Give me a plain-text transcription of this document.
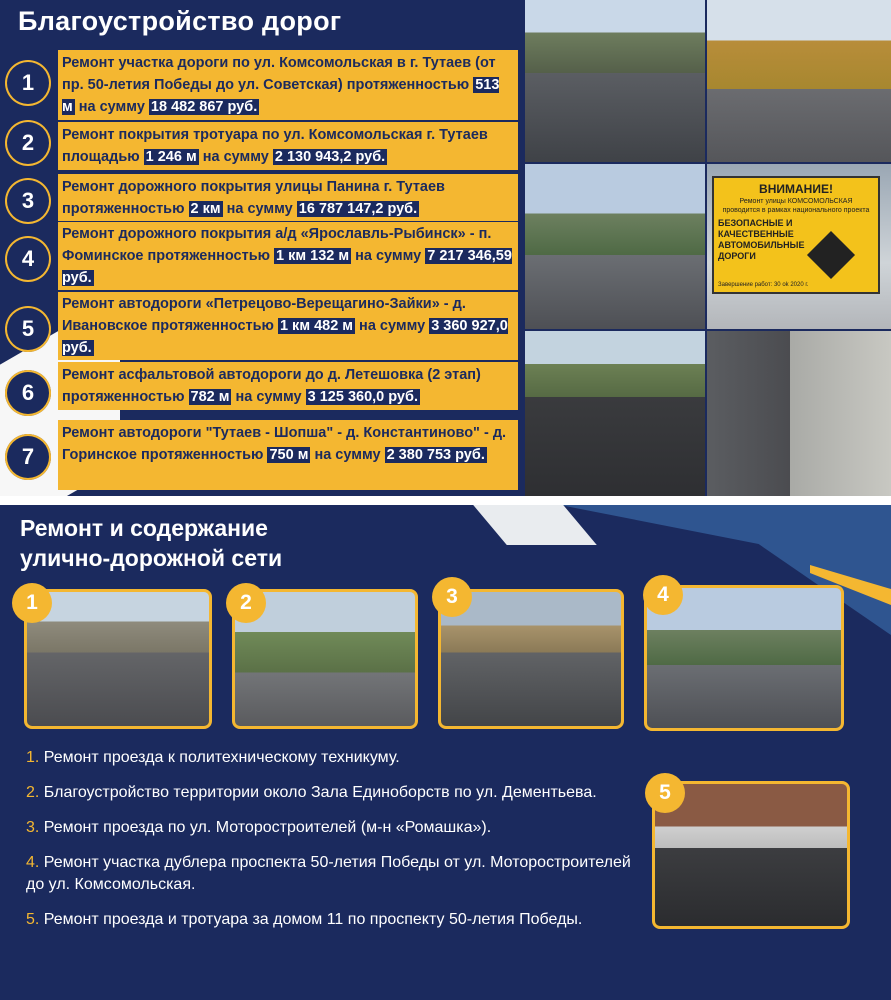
Благоустройство дорог
1
Ремонт участка дороги по ул. Комсомольская в г. Тутаев (от пр. 50-летия Победы до ул. Советская) протяженностью 513 м на сумму 18 482 867 руб.
2	Ремонт покрытия тротуара по ул. Комсомольская г. Тутаев площадью 1 246 м на сумму 2 130 943,2 руб.
3
Ремонт дорожного покрытия улицы Панина г. Тутаев протяженностью 2 км на сумму 16 787 147,2 руб.
4
Ремонт дорожного покрытия а/д «Ярославль-Рыбинск» - п. Фоминское протяженностью 1 км 132 м на сумму 7 217 346,59 руб.
5
Ремонт автодороги «Петрецово-Верещагино-Зайки» - д. Ивановское протяженностью 1 км 482 м на сумму 3 360 927,0 руб.
6
Ремонт асфальтовой автодороги до д. Летешовка (2 этап) протяженностью 782 м на сумму 3 125 360,0 руб.
7
Ремонт автодороги "Тутаев - Шопша" - д. Константиново" - д. Горинское протяженностью 750 м на сумму 2 380 753 руб.
ВНИМАНИЕ!
Ремонт улицы КОМСОМОЛЬСКАЯ
проводится в рамках национального проекта
БЕЗОПАСНЫЕ И КАЧЕСТВЕННЫЕ АВТОМОБИЛЬНЫЕ ДОРОГИ
Завершение работ: 30 ok 2020 г.
Ремонт и содержание
улично-дорожной сети
1	2	3	4
5

1. Ремонт проезда к политехническому техникуму.

2. Благоустройство территории около Зала Единоборств по ул. Дементьева.

3. Ремонт проезда по ул. Моторостроителей (м-н «Ромашка»).

4. Ремонт участка дублера проспекта 50-летия Победы от ул. Моторостроителей до ул. Комсомольская.

5. Ремонт проезда и тротуара за домом 11 по проспекту 50-летия Победы.
